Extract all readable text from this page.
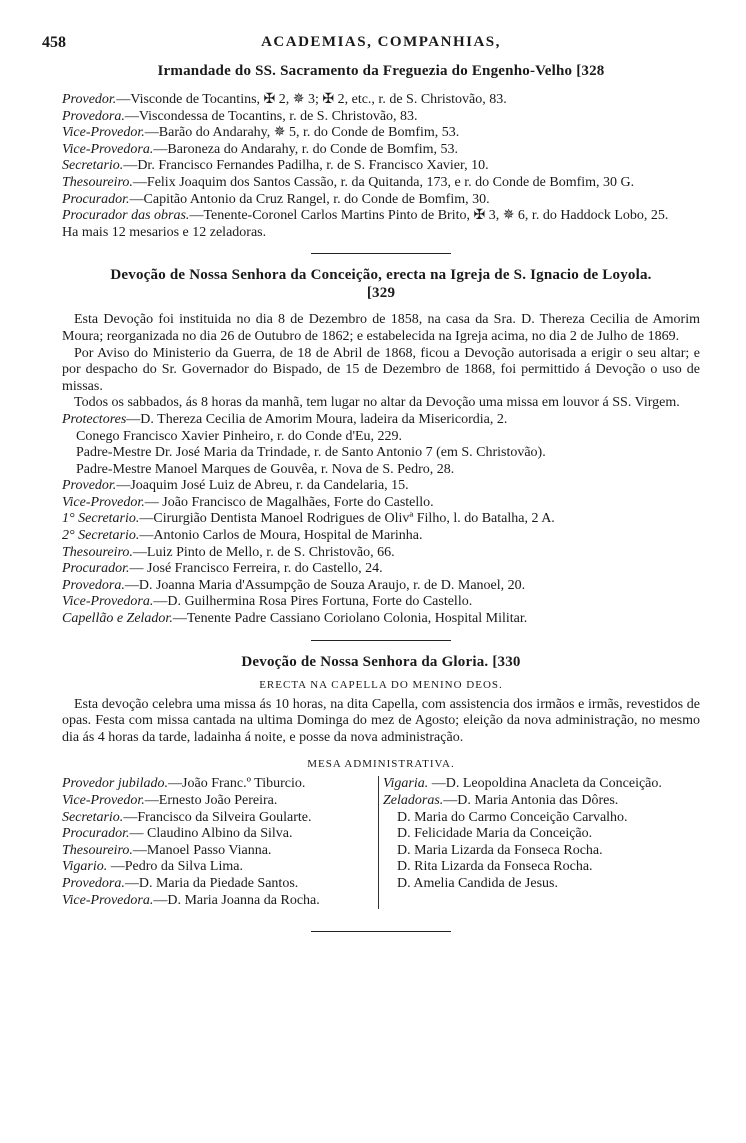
458	ACADEMIAS, COMPANHIAS,
Irmandade do SS. Sacramento da Freguezia do Engenho-Velho [328
Provedor.—Visconde de Tocantins, ✠ 2, ✵ 3; ✠ 2, etc., r. de S. Christovão, 83.
Provedora.—Viscondessa de Tocantins, r. de S. Christovão, 83.
Vice-Provedor.—Barão do Andarahy, ✵ 5, r. do Conde de Bomfim, 53.
Vice-Provedora.—Baroneza do Andarahy, r. do Conde de Bomfim, 53.
Secretario.—Dr. Francisco Fernandes Padilha, r. de S. Francisco Xavier, 10.
Thesoureiro.—Felix Joaquim dos Santos Cassão, r. da Quitanda, 173, e r. do Conde de Bomfim, 30 G.
Procurador.—Capitão Antonio da Cruz Rangel, r. do Conde de Bomfim, 30.
Procurador das obras.—Tenente-Coronel Carlos Martins Pinto de Brito, ✠ 3, ✵ 6, r. do Haddock Lobo, 25.
Ha mais 12 mesarios e 12 zeladoras.
Devoção de Nossa Senhora da Conceição, erecta na Igreja de S. Ignacio de Loyola. [329
Esta Devoção foi instituida no dia 8 de Dezembro de 1858, na casa da Sra. D. Thereza Cecilia de Amorim Moura; reorganizada no dia 26 de Outubro de 1862; e estabelecida na Igreja acima, no dia 2 de Julho de 1869.
Por Aviso do Ministerio da Guerra, de 18 de Abril de 1868, ficou a Devoção autorisada a erigir o seu altar; e por despacho do Sr. Governador do Bispado, de 15 de Dezembro de 1868, foi permittido á Devoção o uso de missas.
Todos os sabbados, ás 8 horas da manhã, tem lugar no altar da Devoção uma missa em louvor á SS. Virgem.
Protectores—D. Thereza Cecilia de Amorim Moura, ladeira da Misericordia, 2.
Conego Francisco Xavier Pinheiro, r. do Conde d'Eu, 229.
Padre-Mestre Dr. José Maria da Trindade, r. de Santo Antonio 7 (em S. Christovão).
Padre-Mestre Manoel Marques de Gouvêa, r. Nova de S. Pedro, 28.
Provedor.—Joaquim José Luiz de Abreu, r. da Candelaria, 15.
Vice-Provedor.— João Francisco de Magalhães, Forte do Castello.
1° Secretario.—Cirurgião Dentista Manoel Rodrigues de Olivª Filho, l. do Batalha, 2 A.
2° Secretario.—Antonio Carlos de Moura, Hospital de Marinha.
Thesoureiro.—Luiz Pinto de Mello, r. de S. Christovão, 66.
Procurador.— José Francisco Ferreira, r. do Castello, 24.
Provedora.—D. Joanna Maria d'Assumpção de Souza Araujo, r. de D. Manoel, 20.
Vice-Provedora.—D. Guilhermina Rosa Pires Fortuna, Forte do Castello.
Capellão e Zelador.—Tenente Padre Cassiano Coriolano Colonia, Hospital Militar.
Devoção de Nossa Senhora da Gloria. [330
ERECTA NA CAPELLA DO MENINO DEOS.
Esta devoção celebra uma missa ás 10 horas, na dita Capella, com assistencia dos irmãos e irmãs, revestidos de opas. Festa com missa cantada na ultima Dominga do mez de Agosto; eleição da nova administração, no mesmo dia ás 4 horas da tarde, ladainha á noite, e posse da nova administração.
MESA ADMINISTRATIVA.
Provedor jubilado.—João Franc.º Tiburcio.
Vice-Provedor.—Ernesto João Pereira.
Secretario.—Francisco da Silveira Goularte.
Procurador.— Claudino Albino da Silva.
Thesoureiro.—Manoel Passo Vianna.
Vigario. —Pedro da Silva Lima.
Provedora.—D. Maria da Piedade Santos.
Vice-Provedora.—D. Maria Joanna da Rocha.
Vigaria. —D. Leopoldina Anacleta da Conceição.
Zeladoras.—D. Maria Antonia das Dôres.
D. Maria do Carmo Conceição Carvalho.
D. Felicidade Maria da Conceição.
D. Maria Lizarda da Fonseca Rocha.
D. Rita Lizarda da Fonseca Rocha.
D. Amelia Candida de Jesus.
